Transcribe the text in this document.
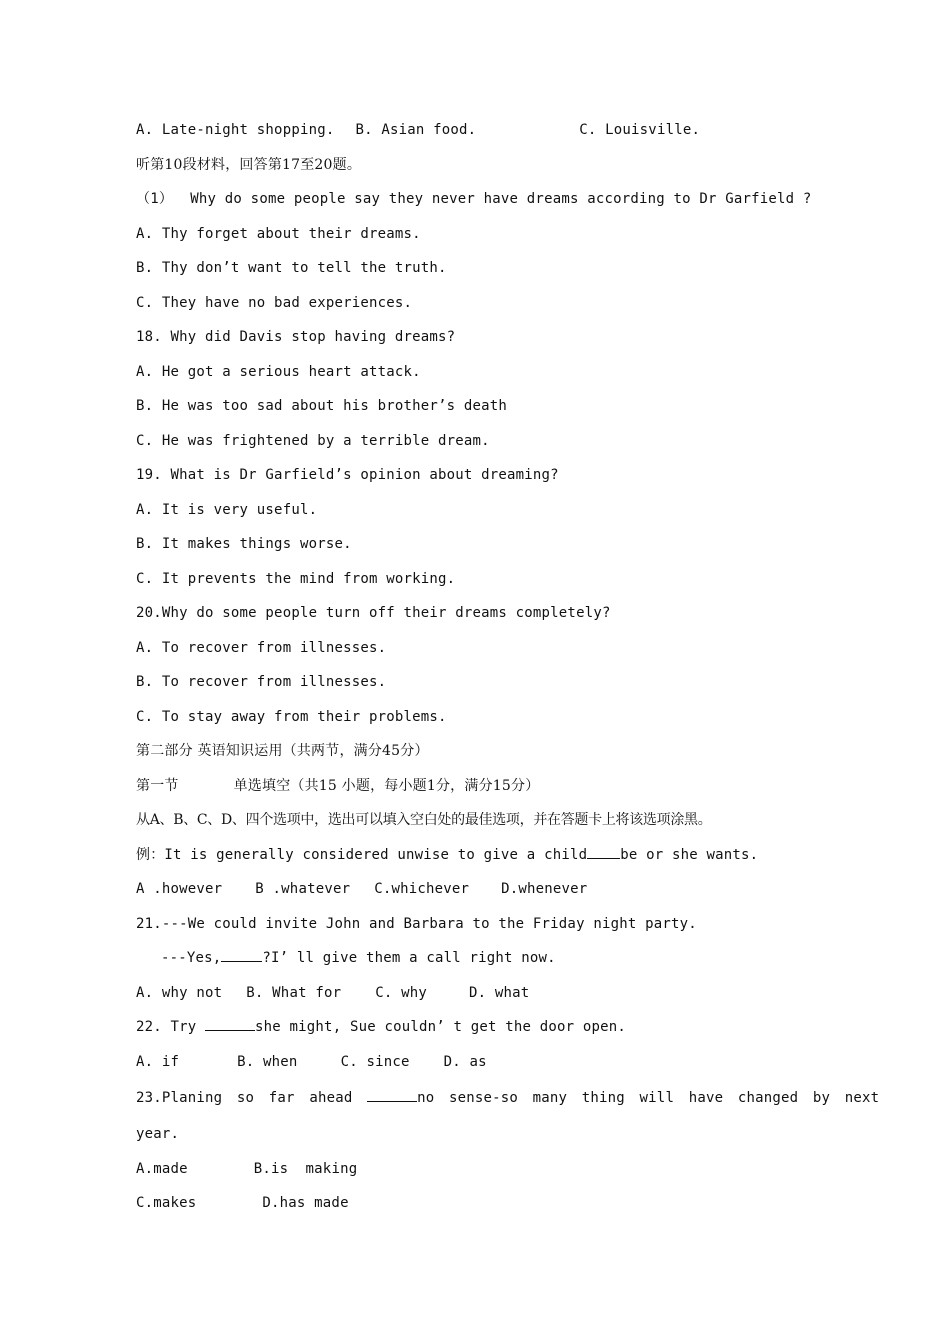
A. Late-night shopping. B. Asian food.	C. Louisville.
听第10段材料，回答第17至20题。
（1）  Why do some people say they never have dreams according to Dr Garfield ?
A. Thy forget about their dreams.
B. Thy don’t want to tell the truth.
C. They have no bad experiences.
18. Why did Davis stop having dreams?
A. He got a serious heart attack.
B. He was too sad about his brother’s death
C. He was frightened by a terrible dream.
19. What is Dr Garfield’s opinion about dreaming?
A. It is very useful.
B. It makes things worse.
C. It prevents the mind from working.
20.Why do some people turn off their dreams completely?
A. To recover from illnesses.
B. To recover from illnesses.
C. To stay away from their problems.
第二部分 英语知识运用（共两节，满分45分）
第一节	单选填空（共15 小题，每小题1分，满分15分）
从A、B、C、D、四个选项中，选出可以填入空白处的最佳选项，并在答题卡上将该选项涂黑。
例：It is generally considered unwise to give a child be or she wants.
A .however B .whatever C.whichever D.whenever
21.---We could invite John and Barbara to the Friday night party.
---Yes,	?I’ ll give them a call right now.
A. why not B. What for C. why	D. what
22. Try	she might, Sue couldn’ t get the door open.
A. if	B. when	C. since D. as
23.Planing so far ahead	no sense-so many thing will have changed by next
year.
A.made	B.is  making
C.makes	D.has made
